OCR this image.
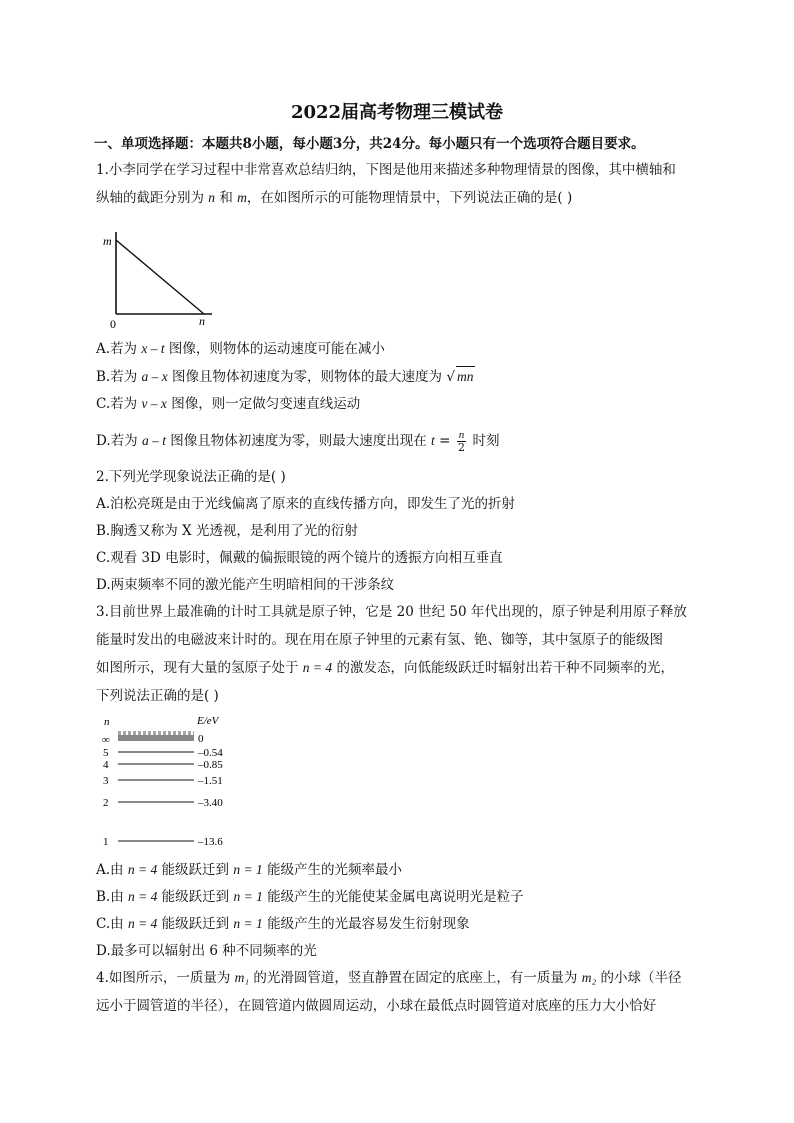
2022届高考物理三模试卷
一、单项选择题：本题共8小题，每小题3分，共24分。每小题只有一个选项符合题目要求。
1.小李同学在学习过程中非常喜欢总结归纳，下图是他用来描述多种物理情景的图像，其中横轴和
纵轴的截距分别为 n 和 m，在如图所示的可能物理情景中，下列说法正确的是( )
m
n
0
A.若为 x – t 图像，则物体的运动速度可能在减小
B.若为 a – x 图像且物体初速度为零，则物体的最大速度为 √ mn
C.若为 v – x 图像，则一定做匀变速直线运动
D.若为 a – t 图像且物体初速度为零，则最大速度出现在 $t = \frac{n}{2}$ 时刻
2.下列光学现象说法正确的是( )
A.泊松亮斑是由于光线偏离了原来的直线传播方向，即发生了光的折射
B.胸透又称为 X 光透视，是利用了光的衍射
C.观看 3D 电影时，佩戴的偏振眼镜的两个镜片的透振方向相互垂直
D.两束频率不同的激光能产生明暗相间的干涉条纹
3.目前世界上最准确的计时工具就是原子钟，它是 20 世纪 50 年代出现的，原子钟是利用原子释放
能量时发出的电磁波来计时的。现在用在原子钟里的元素有氢、铯、铷等，其中氢原子的能级图
如图所示，现有大量的氢原子处于 n = 4 的激发态，向低能级跃迁时辐射出若干种不同频率的光，
下列说法正确的是( )
n	E/eV
∞	0
5	–0.54
4	–0.85
3	–1.51
2	–3.40
1	–13.6
A.由 n = 4 能级跃迁到 n = 1 能级产生的光频率最小
B.由 n = 4 能级跃迁到 n = 1 能级产生的光能使某金属电离说明光是粒子
C.由 n = 4 能级跃迁到 n = 1 能级产生的光最容易发生衍射现象
D.最多可以辐射出 6 种不同频率的光
4.如图所示，一质量为 m₁ 的光滑圆管道，竖直静置在固定的底座上，有一质量为 m₂ 的小球（半径
远小于圆管道的半径），在圆管道内做圆周运动，小球在最低点时圆管道对底座的压力大小恰好
